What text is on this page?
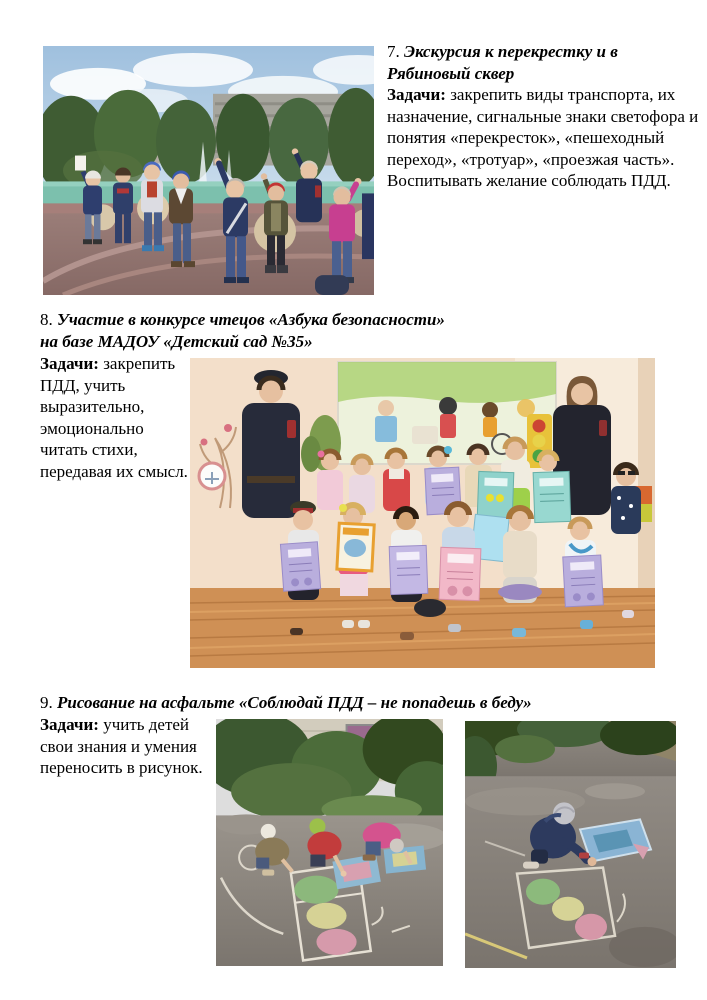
7. Экскурсия к перекрестку и в
Рябиновый сквер

Задачи: закрепить виды транспорта, их назначение, сигнальные знаки светофора и понятия «перекресток», «пешеходный переход», «тротуар», «проезжая часть». Воспитывать желание соблюдать ПДД.

8. Участие в конкурсе чтецов «Азбука безопасности»
на базе МАДОУ «Детский сад №35»

Задачи: закрепить ПДД, учить выразительно, эмоционально читать стихи, передавая их смысл.

9. Рисование на асфальте «Соблюдай ПДД – не попадешь в беду»

Задачи: учить детей свои знания и умения переносить в рисунок.
